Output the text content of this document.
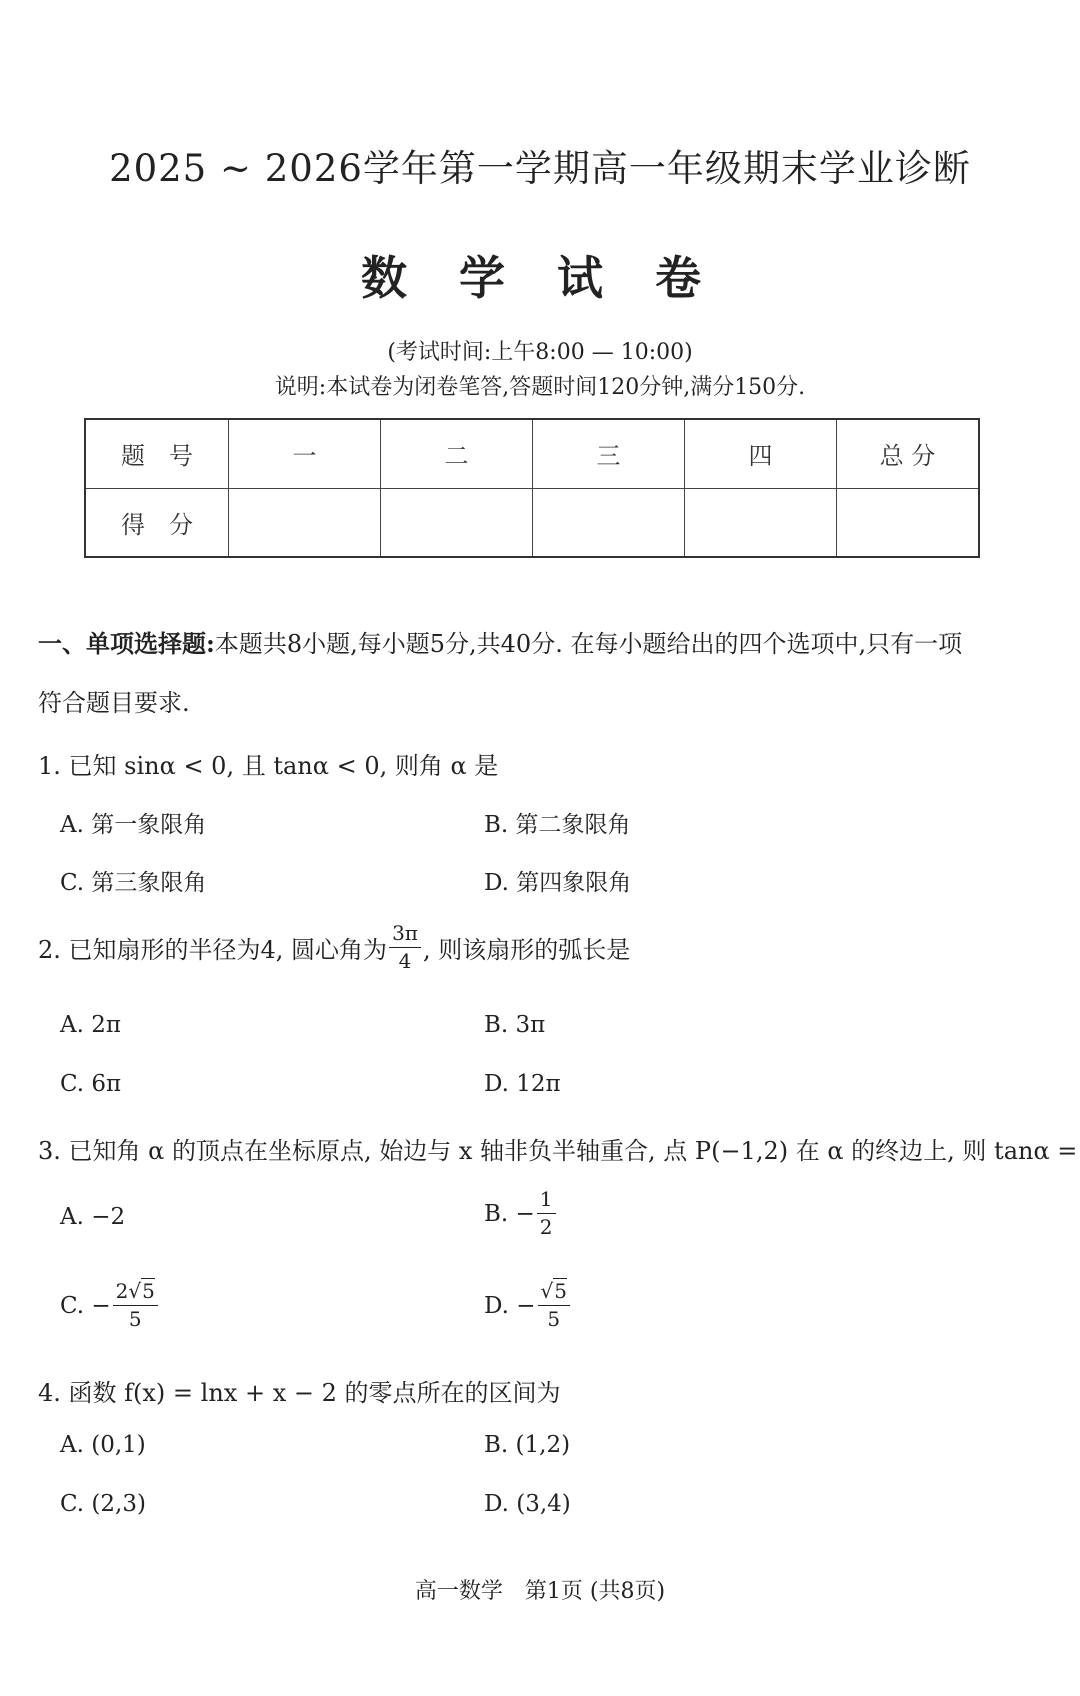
2025 ~ 2026学年第一学期高一年级期末学业诊断
数 学 试 卷
(考试时间:上午8:00 — 10:00)
说明:本试卷为闭卷笔答,答题时间120分钟,满分150分.
题　号	一	二	三	四	总 分
得　分					
一、单项选择题:本题共8小题,每小题5分,共40分. 在每小题给出的四个选项中,只有一项
符合题目要求.
1. 已知 sinα < 0, 且 tanα < 0, 则角 α 是
A. 第一象限角	B. 第二象限角
C. 第三象限角	D. 第四象限角
2. 已知扇形的半径为4, 圆心角为 $\frac{3\pi}{4}$ , 则该扇形的弧长是
A. 2π	B. 3π
C. 6π	D. 12π
3. 已知角 α 的顶点在坐标原点, 始边与 x 轴非负半轴重合, 点 P(−1,2) 在 α 的终边上, 则 tanα =
A. −2	B. − $\frac{1}{2}$
C. − $\frac{2√5}{5}$	D. − $\frac{√5}{5}$
4. 函数 f(x) = lnx + x − 2 的零点所在的区间为
A. (0,1)	B. (1,2)
C. (2,3)	D. (3,4)
高一数学　第1页 (共8页)
